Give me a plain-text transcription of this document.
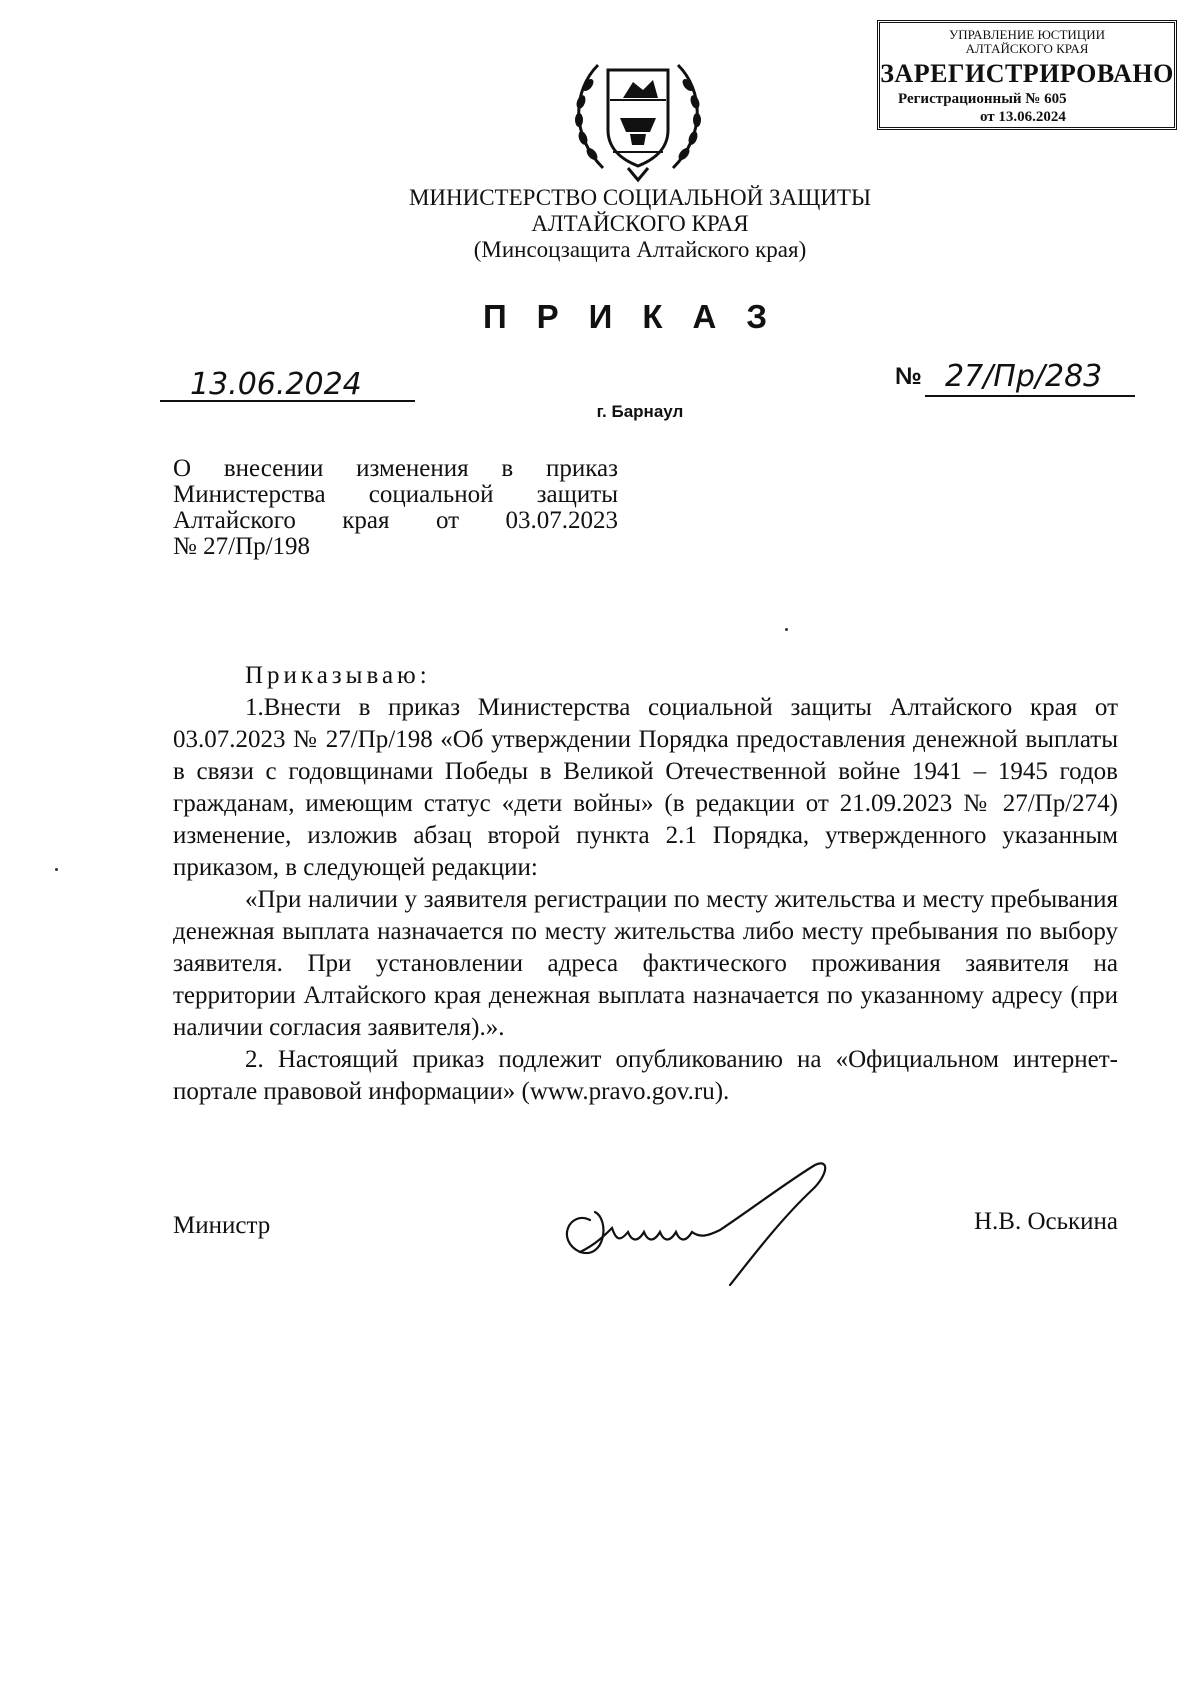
УПРАВЛЕНИЕ ЮСТИЦИИ
АЛТАЙСКОГО КРАЯ
ЗАРЕГИСТРИРОВАНО
Регистрационный № 605
от 13.06.2024
МИНИСТЕРСТВО СОЦИАЛЬНОЙ ЗАЩИТЫ
АЛТАЙСКОГО КРАЯ
(Минсоцзащита Алтайского края)
ПРИКАЗ
13.06.2024	№ 27/Пр/283
г. Барнаул
О внесении изменения в приказ
Министерства социальной защиты
Алтайского края от 03.07.2023
№ 27/Пр/198

Приказываю:

1.Внести в приказ Министерства социальной защиты Алтайского края от 03.07.2023 № 27/Пр/198 «Об утверждении Порядка предоставления денежной выплаты в связи с годовщинами Победы в Великой Отечественной войне 1941 – 1945 годов гражданам, имеющим статус «дети войны» (в редакции от 21.09.2023 № 27/Пр/274) изменение, изложив абзац второй пункта 2.1 Порядка, утвержденного указанным приказом, в следующей редакции:

«При наличии у заявителя регистрации по месту жительства и месту пребывания денежная выплата назначается по месту жительства либо месту пребывания по выбору заявителя. При установлении адреса фактического проживания заявителя на территории Алтайского края денежная выплата назначается по указанному адресу (при наличии согласия заявителя).».

2. Настоящий приказ подлежит опубликованию на «Официальном интернет-портале правовой информации» (www.pravo.gov.ru).

Министр	Н.В. Оськина
